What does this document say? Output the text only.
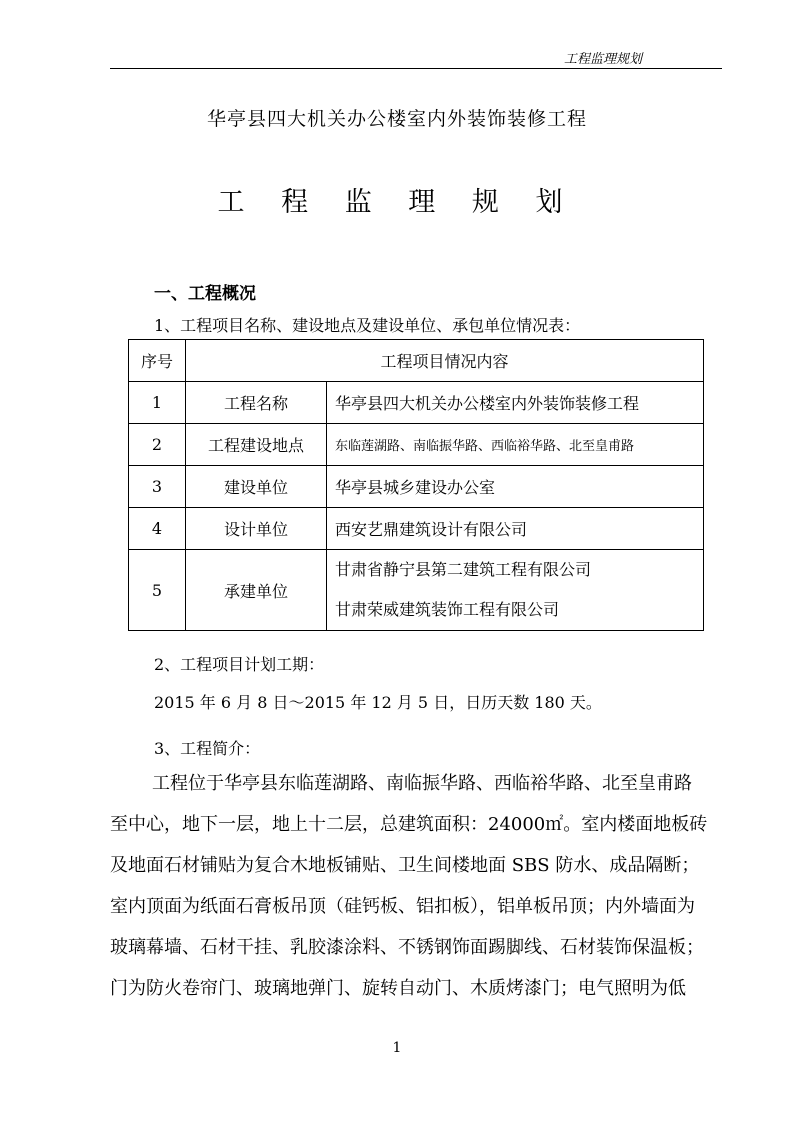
工程监理规划
华亭县四大机关办公楼室内外装饰装修工程
工 程 监 理 规 划
一、工程概况
1、工程项目名称、建设地点及建设单位、承包单位情况表：
序号	工程项目情况内容	
1	工程名称	华亭县四大机关办公楼室内外装饰装修工程
2	工程建设地点	东临莲湖路、南临振华路、西临裕华路、北至皇甫路
3	建设单位	华亭县城乡建设办公室
4	设计单位	西安艺鼎建筑设计有限公司
5	承建单位	甘肃省静宁县第二建筑工程有限公司
甘肃荣威建筑装饰工程有限公司
2、工程项目计划工期：
2015 年 6 月 8 日～2015 年 12 月 5 日，日历天数 180 天。
3、工程简介：
工程位于华亭县东临莲湖路、南临振华路、西临裕华路、北至皇甫路
至中心，地下一层，地上十二层，总建筑面积：24000㎡。室内楼面地板砖
及地面石材铺贴为复合木地板铺贴、卫生间楼地面 SBS 防水、成品隔断；
室内顶面为纸面石膏板吊顶（硅钙板、铝扣板），铝单板吊顶；内外墙面为
玻璃幕墙、石材干挂、乳胶漆涂料、不锈钢饰面踢脚线、石材装饰保温板；
门为防火卷帘门、玻璃地弹门、旋转自动门、木质烤漆门；电气照明为低
1
